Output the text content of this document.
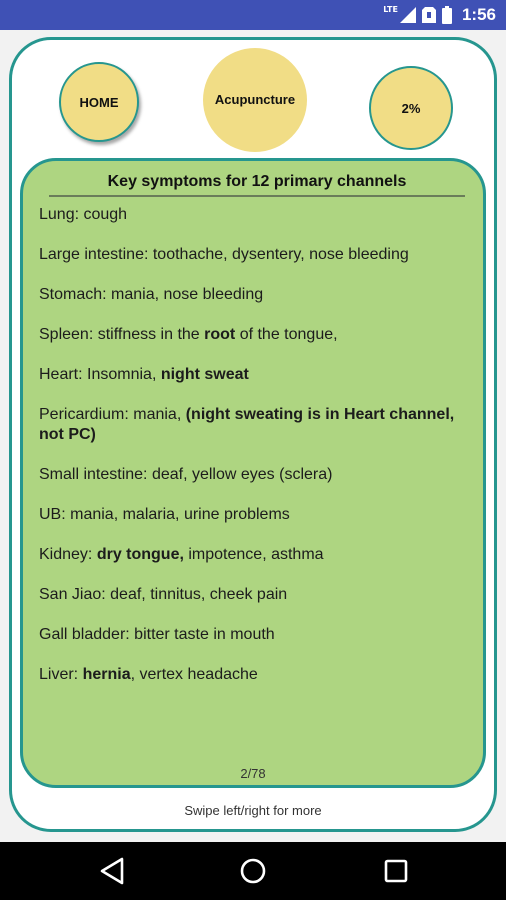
LTE	1:56
HOME	Acupuncture
2%
Key symptoms for 12 primary channels
Lung: cough
Large intestine: toothache, dysentery, nose bleeding
Stomach: mania, nose bleeding
Spleen: stiffness in the root of the tongue,
Heart: Insomnia, night sweat
Pericardium: mania, (night sweating is in Heart channel, not PC)
Small intestine: deaf, yellow eyes (sclera)
UB: mania, malaria, urine problems
Kidney: dry tongue, impotence, asthma
San Jiao: deaf, tinnitus, cheek pain
Gall bladder: bitter taste in mouth
Liver: hernia, vertex headache
2/78
Swipe left/right for more
